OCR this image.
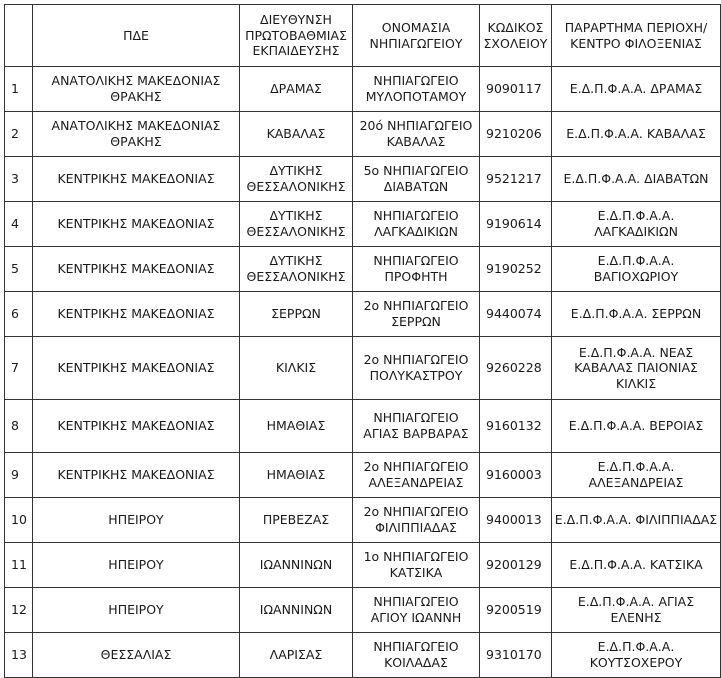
	ΠΔΕ	ΔΙΕΥΘΥΝΣΗ ΠΡΩΤΟΒΑΘΜΙΑΣ ΕΚΠΑΙΔΕΥΣΗΣ	ΟΝΟΜΑΣΙΑ ΝΗΠΙΑΓΩΓΕΙΟΥ	ΚΩΔΙΚΟΣ ΣΧΟΛΕΙΟΥ	ΠΑΡΑΡΤΗΜΑ ΠΕΡΙΟΧΗ/ ΚΕΝΤΡΟ ΦΙΛΟΞΕΝΙΑΣ
1	ΑΝΑΤΟΛΙΚΗΣ ΜΑΚΕΔΟΝΙΑΣ ΘΡΑΚΗΣ	ΔΡΑΜΑΣ	ΝΗΠΙΑΓΩΓΕΙΟ ΜΥΛΟΠΟΤΑΜΟΥ	9090117	Ε.Δ.Π.Φ.Α.Α. ΔΡΑΜΑΣ
2	ΑΝΑΤΟΛΙΚΗΣ ΜΑΚΕΔΟΝΙΑΣ ΘΡΑΚΗΣ	ΚΑΒΑΛΑΣ	20ό ΝΗΠΙΑΓΩΓΕΙΟ ΚΑΒΑΛΑΣ	9210206	Ε.Δ.Π.Φ.Α.Α. ΚΑΒΑΛΑΣ
3	ΚΕΝΤΡΙΚΗΣ ΜΑΚΕΔΟΝΙΑΣ	ΔΥΤΙΚΗΣ ΘΕΣΣΑΛΟΝΙΚΗΣ	5ο ΝΗΠΙΑΓΩΓΕΙΟ ΔΙΑΒΑΤΩΝ	9521217	Ε.Δ.Π.Φ.Α.Α. ΔΙΑΒΑΤΩΝ
4	ΚΕΝΤΡΙΚΗΣ ΜΑΚΕΔΟΝΙΑΣ	ΔΥΤΙΚΗΣ ΘΕΣΣΑΛΟΝΙΚΗΣ	ΝΗΠΙΑΓΩΓΕΙΟ ΛΑΓΚΑΔΙΚΙΩΝ	9190614	Ε.Δ.Π.Φ.Α.Α. ΛΑΓΚΑΔΙΚΙΩΝ
5	ΚΕΝΤΡΙΚΗΣ ΜΑΚΕΔΟΝΙΑΣ	ΔΥΤΙΚΗΣ ΘΕΣΣΑΛΟΝΙΚΗΣ	ΝΗΠΙΑΓΩΓΕΙΟ ΠΡΟΦΗΤΗ	9190252	Ε.Δ.Π.Φ.Α.Α. ΒΑΓΙΟΧΩΡΙΟΥ
6	ΚΕΝΤΡΙΚΗΣ ΜΑΚΕΔΟΝΙΑΣ	ΣΕΡΡΩΝ	2ο ΝΗΠΙΑΓΩΓΕΙΟ ΣΕΡΡΩΝ	9440074	Ε.Δ.Π.Φ.Α.Α. ΣΕΡΡΩΝ
7	ΚΕΝΤΡΙΚΗΣ ΜΑΚΕΔΟΝΙΑΣ	ΚΙΛΚΙΣ	2ο ΝΗΠΙΑΓΩΓΕΙΟ ΠΟΛΥΚΑΣΤΡΟΥ	9260228	Ε.Δ.Π.Φ.Α.Α. ΝΕΑΣ ΚΑΒΑΛΑΣ ΠΑΙΟΝΙΑΣ ΚΙΛΚΙΣ
8	ΚΕΝΤΡΙΚΗΣ ΜΑΚΕΔΟΝΙΑΣ	ΗΜΑΘΙΑΣ	ΝΗΠΙΑΓΩΓΕΙΟ ΑΓΙΑΣ ΒΑΡΒΑΡΑΣ	9160132	Ε.Δ.Π.Φ.Α.Α. ΒΕΡΟΙΑΣ
9	ΚΕΝΤΡΙΚΗΣ ΜΑΚΕΔΟΝΙΑΣ	ΗΜΑΘΙΑΣ	2ο ΝΗΠΙΑΓΩΓΕΙΟ ΑΛΕΞΑΝΔΡΕΙΑΣ	9160003	Ε.Δ.Π.Φ.Α.Α. ΑΛΕΞΑΝΔΡΕΙΑΣ
10	ΗΠΕΙΡΟΥ	ΠΡΕΒΕΖΑΣ	2ο ΝΗΠΙΑΓΩΓΕΙΟ ΦΙΛΙΠΠΙΑΔΑΣ	9400013	Ε.Δ.Π.Φ.Α.Α. ΦΙΛΙΠΠΙΑΔΑΣ
11	ΗΠΕΙΡΟΥ	ΙΩΑΝΝΙΝΩΝ	1ο ΝΗΠΙΑΓΩΓΕΙΟ ΚΑΤΣΙΚΑ	9200129	Ε.Δ.Π.Φ.Α.Α. ΚΑΤΣΙΚΑ
12	ΗΠΕΙΡΟΥ	ΙΩΑΝΝΙΝΩΝ	ΝΗΠΙΑΓΩΓΕΙΟ ΑΓΙΟΥ ΙΩΑΝΝΗ	9200519	Ε.Δ.Π.Φ.Α.Α. ΑΓΙΑΣ ΕΛΕΝΗΣ
13	ΘΕΣΣΑΛΙΑΣ	ΛΑΡΙΣΑΣ	ΝΗΠΙΑΓΩΓΕΙΟ ΚΟΙΛΑΔΑΣ	9310170	Ε.Δ.Π.Φ.Α.Α. ΚΟΥΤΣΟΧΕΡΟΥ
